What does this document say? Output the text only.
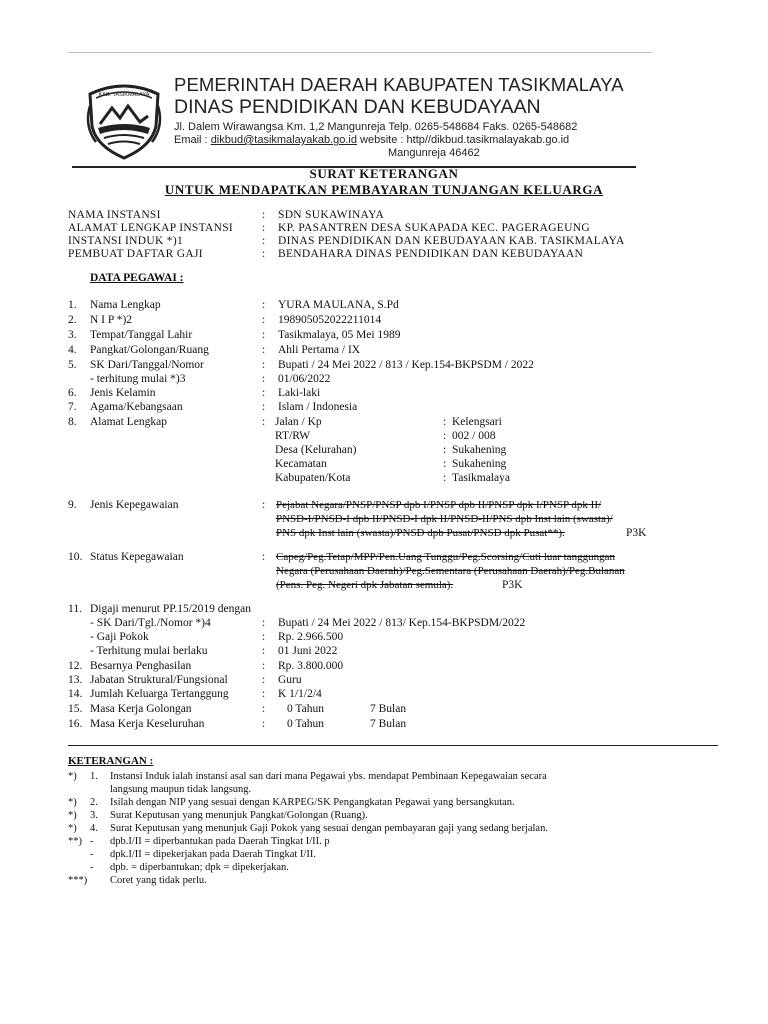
KAB. TASIKMALAYA PEMERINTAH DAERAH KABUPATEN TASIKMALAYA
DINAS PENDIDIKAN DAN KEBUDAYAAN
Jl. Dalem Wirawangsa Km. 1,2 Mangunreja Telp. 0265-548684 Faks. 0265-548682
Email : dikbud@tasikmalayakab.go.id website : http//dikbud.tasikmalayakab.go.id
Mangunreja 46462
SURAT KETERANGAN
UNTUK MENDAPATKAN PEMBAYARAN TUNJANGAN KELUARGA
NAMA INSTANSI	: SDN SUKAWINAYA
ALAMAT LENGKAP INSTANSI	: KP. PASANTREN DESA SUKAPADA KEC. PAGERAGEUNG
INSTANSI INDUK *)1	: DINAS PENDIDIKAN DAN KEBUDAYAAN KAB. TASIKMALAYA
PEMBUAT DAFTAR GAJI	: BENDAHARA DINAS PENDIDIKAN DAN KEBUDAYAAN
DATA PEGAWAI :
1. Nama Lengkap	: YURA MAULANA, S.Pd
2. N I P *)2	: 198905052022211014
3. Tempat/Tanggal Lahir	: Tasikmalaya, 05 Mei 1989
4. Pangkat/Golongan/Ruang	: Ahli Pertama / IX
5. SK Dari/Tanggal/Nomor	: Bupati / 24 Mei 2022 / 813 / Kep.154-BKPSDM / 2022
- terhitung mulai *)3	: 01/06/2022
6. Jenis Kelamin	: Laki-laki
7. Agama/Kebangsaan	: Islam / Indonesia
8. Alamat Lengkap	: Jalan / Kp	: Kelengsari
RT/RW	: 002 / 008
Desa (Kelurahan)	: Sukahening
Kecamatan	: Sukahening
Kabupaten/Kota	: Tasikmalaya
9. Jenis Kepegawaian	: Pejabat Negara/PNSP/PNSP dpb I/PNSP dpb II/PNSP dpk I/PNSP dpk II/
PNSD-I/PNSD-I dpb II/PNSD-I dpk II/PNSD-II/PNS dpb Inst lain (swasta)/
PNS dpk Inst lain (swasta)/PNSD dpb Pusat/PNSD dpk Pusat**).	P3K
10. Status Kepegawaian	: Capeg/Peg.Tetap/MPP/Pen.Uang Tunggu/Peg.Scorsing/Cuti luar tanggungan
Negara (Perusahaan Daerah)/Peg.Sementara (Perusahaan Daerah)/Peg.Bulanan
(Pens. Peg. Negeri dpk Jabatan semula).	P3K
11. Digaji menurut PP.15/2019 dengan
- SK Dari/Tgl./Nomor *)4	: Bupati / 24 Mei 2022 / 813/ Kep.154-BKPSDM/2022
- Gaji Pokok	: Rp. 2.966.500
- Terhitung mulai berlaku	: 01 Juni 2022
12. Besarnya Penghasilan	: Rp. 3.800.000
13. Jabatan Struktural/Fungsional	: Guru
14. Jumlah Keluarga Tertanggung	: K 1/1/2/4
15. Masa Kerja Golongan	: 0 Tahun	7 Bulan
16. Masa Kerja Keseluruhan	: 0 Tahun	7 Bulan
KETERANGAN :
*) 1. Instansi Induk ialah instansi asal san dari mana Pegawai ybs. mendapat Pembinaan Kepegawaian secara
langsung maupun tidak langsung.
*) 2. Isilah dengan NIP yang sesuai dengan KARPEG/SK Pengangkatan Pegawai yang bersangkutan.
*) 3. Surat Keputusan yang menunjuk Pangkat/Golongan (Ruang).
*) 4. Surat Keputusan yang menunjuk Gaji Pokok yang sesuai dengan pembayaran gaji yang sedang berjalan.
**) - dpb.I/II = diperbantukan pada Daerah Tingkat I/II. p
- dpk.I/II = dipekerjakan pada Daerah Tingkat I/II.
- dpb. = diperbantukan; dpk = dipekerjakan.
***) Coret yang tidak perlu.
